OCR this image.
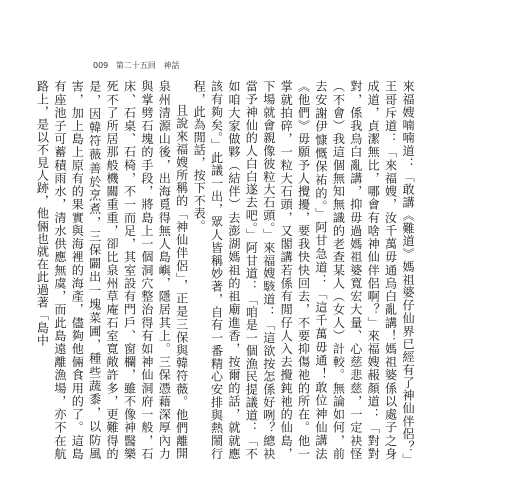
009 第二十五回 神話

來福嫂喃喃道：「敢講《難道》媽祖婆仔仙界已經有了神仙伴侶？」王哥斥道：「來福嫂，汝千萬毋通烏白亂講！媽祖婆係以處子之身成道，貞潔無比，哪會有啥神仙伴侶啊？」來福嫂赧顏道：「對對對，係我烏白亂講，抑毋過媽祖婆寬宏大量、心慈悲慈，一定袂怪（不會）我這個無知無識的老查某人（女人）計較。無論如何，前去安謝伊慷慨保祐的。」阿甘急道：「這千萬毋通！敢位神仙講法《他們》毋願予人攪擾，要我快快回去，不要抑傷祂的所在。他一掌就拍碎，一粒大石頭，又閣講若係有閒仔人入去攪鈍祂的仙島，下場就會親像彼粒大石頭。」來福嫂駭道：「這欲按怎係好咧？總袂當予神仙的人白白遂去吧。」阿甘道：「咱是一個漁民提議道：「不如咱大家做夥（結伴）去澎湖媽祖的祖廟進香，按爾的話，就就應該有夠矣。」此議一出，眾人皆稱妙著，自有一番精心安排與熱鬧行程，此為閒話，按下不表。

且說來福嫂所稱的「神仙伴侶」，正是三保與韓符薇。他們離開泉州清源山後，出海覓得無人島嶼，隱居其上。三保憑藉深厚內力與掌劈石塊的手段，將島上一個洞穴整治得有如神仙洞府一般，石床、石桌、石椅，不一而足，其室設有門戶、窗欄，雖不像神醫樂死不了所居那般機關重重，卻比泉州草庵石室寬敞許多，更難得的是，因韓符薇善於烹煮，三保闢出一塊菜圃，種些蔬黍，以防風害，加上島上原有的果實與海裡的海產，儘夠他倆食用的了。這島有座池子可蓄積雨水，清水供應無虞，而此島遠離漁場，亦不在航路上，是以不見人跡，他倆也就在此過著「島中
